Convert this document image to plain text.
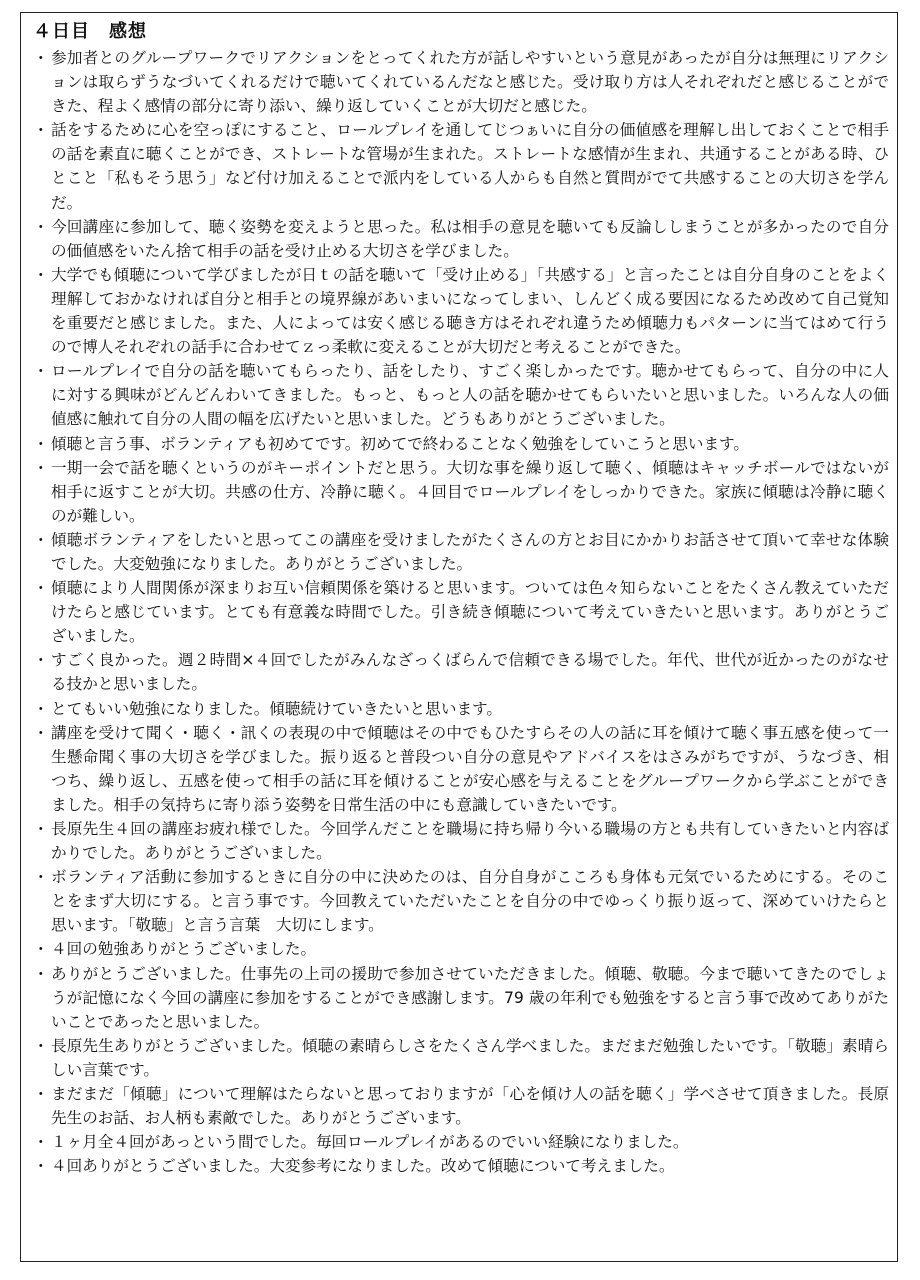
４日目　感想
・ 参加者とのグループワークでリアクションをとってくれた方が話しやすいという意見があったが自分は無理にリアクションは取らずうなづいてくれるだけで聴いてくれているんだなと感じた。受け取り方は人それぞれだと感じることができた、程よく感情の部分に寄り添い、繰り返していくことが大切だと感じた。
・ 話をするために心を空っぽにすること、ロールプレイを通してじつぁいに自分の価値感を理解し出しておくことで相手の話を素直に聴くことができ、ストレートな管場が生まれた。ストレートな感情が生まれ、共通することがある時、ひとこと「私もそう思う」など付け加えることで派内をしている人からも自然と質問がでて共感することの大切さを学んだ。
・ 今回講座に参加して、聴く姿勢を変えようと思った。私は相手の意見を聴いても反論ししまうことが多かったので自分の価値感をいたん捨て相手の話を受け止める大切さを学びました。
・ 大学でも傾聴について学びましたが日ｔの話を聴いて「受け止める」「共感する」と言ったことは自分自身のことをよく理解しておかなければ自分と相手との境界線があいまいになってしまい、しんどく成る要因になるため改めて自己覚知を重要だと感じました。また、人によっては安く感じる聴き方はそれぞれ違うため傾聴力もパターンに当てはめて行うので博人それぞれの話手に合わせてｚっ柔軟に変えることが大切だと考えることができた。
・ ロールプレイで自分の話を聴いてもらったり、話をしたり、すごく楽しかったです。聴かせてもらって、自分の中に人に対する興味がどんどんわいてきました。もっと、もっと人の話を聴かせてもらいたいと思いました。いろんな人の価値感に触れて自分の人間の幅を広げたいと思いました。どうもありがとうございました。
・ 傾聴と言う事、ボランティアも初めてです。初めてで終わることなく勉強をしていこうと思います。
・ 一期一会で話を聴くというのがキーポイントだと思う。大切な事を繰り返して聴く、傾聴はキャッチボールではないが相手に返すことが大切。共感の仕方、冷静に聴く。４回目でロールプレイをしっかりできた。家族に傾聴は冷静に聴くのが難しい。
・ 傾聴ボランティアをしたいと思ってこの講座を受けましたがたくさんの方とお目にかかりお話させて頂いて幸せな体験でした。大変勉強になりました。ありがとうございました。
・ 傾聴により人間関係が深まりお互い信頼関係を築けると思います。ついては色々知らないことをたくさん教えていただけたらと感じています。とても有意義な時間でした。引き続き傾聴について考えていきたいと思います。ありがとうございました。
・ すごく良かった。週２時間×４回でしたがみんなざっくばらんで信頼できる場でした。年代、世代が近かったのがなせる技かと思いました。
・ とてもいい勉強になりました。傾聴続けていきたいと思います。
・ 講座を受けて聞く・聴く・訊くの表現の中で傾聴はその中でもひたすらその人の話に耳を傾けて聴く事五感を使って一生懸命聞く事の大切さを学びました。振り返ると普段つい自分の意見やアドバイスをはさみがちですが、うなづき、相つち、繰り返し、五感を使って相手の話に耳を傾けることが安心感を与えることをグループワークから学ぶことができました。相手の気持ちに寄り添う姿勢を日常生活の中にも意識していきたいです。
・ 長原先生４回の講座お疲れ様でした。今回学んだことを職場に持ち帰り今いる職場の方とも共有していきたいと内容ばかりでした。ありがとうございました。
・ ボランティア活動に参加するときに自分の中に決めたのは、自分自身がこころも身体も元気でいるためにする。そのことをまず大切にする。と言う事です。今回教えていただいたことを自分の中でゆっくり振り返って、深めていけたらと思います。「敬聴」と言う言葉　大切にします。
・ ４回の勉強ありがとうございました。
・ ありがとうございました。仕事先の上司の援助で参加させていただきました。傾聴、敬聴。今まで聴いてきたのでしょうが記憶になく今回の講座に参加をすることができ感謝します。79 歳の年利でも勉強をすると言う事で改めてありがたいことであったと思いました。
・ 長原先生ありがとうございました。傾聴の素晴らしさをたくさん学べました。まだまだ勉強したいです。「敬聴」素晴らしい言葉です。
・ まだまだ「傾聴」について理解はたらないと思っておりますが「心を傾け人の話を聴く」学べさせて頂きました。長原先生のお話、お人柄も素敵でした。ありがとうございます。
・ １ヶ月全４回があっという間でした。毎回ロールプレイがあるのでいい経験になりました。
・ ４回ありがとうございました。大変参考になりました。改めて傾聴について考えました。
